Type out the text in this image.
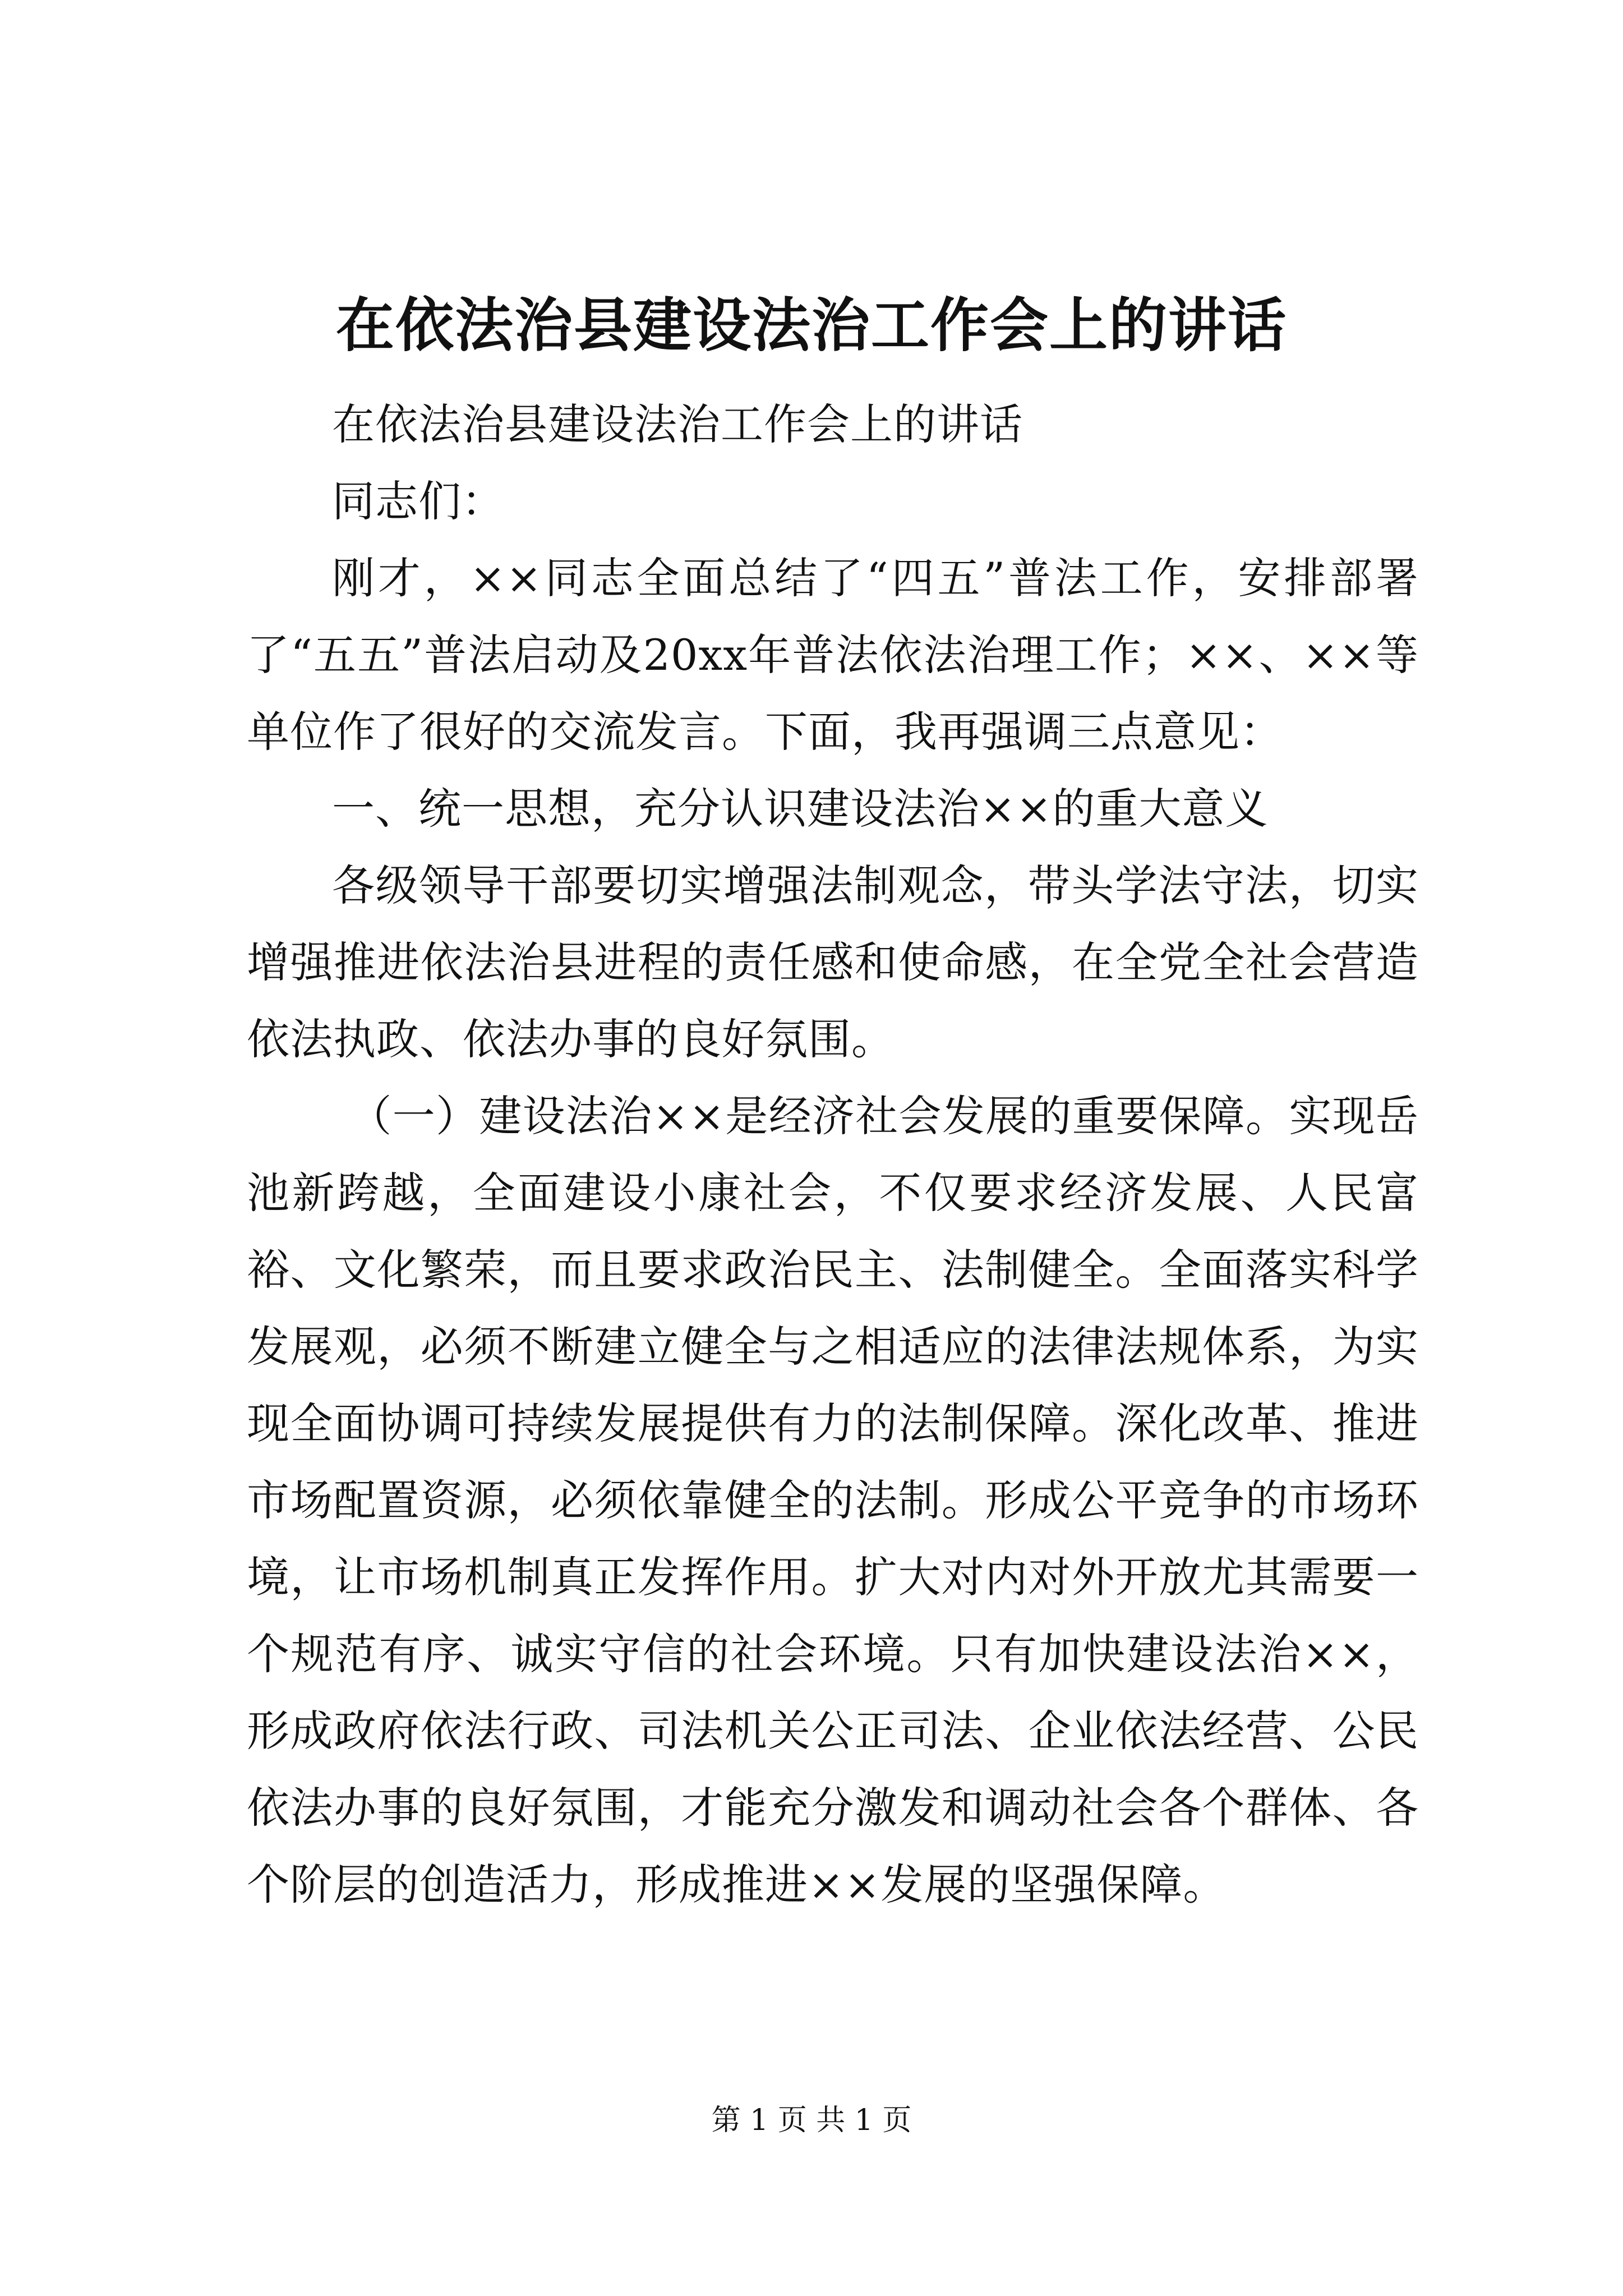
在依法治县建设法治工作会上的讲话

在依法治县建设法治工作会上的讲话

同志们：

刚才，××同志全面总结了“四五”普法工作，安排部署了“五五”普法启动及20xx年普法依法治理工作；××、××等单位作了很好的交流发言。下面，我再强调三点意见：

一、统一思想，充分认识建设法治××的重大意义

各级领导干部要切实增强法制观念，带头学法守法，切实增强推进依法治县进程的责任感和使命感，在全党全社会营造依法执政、依法办事的良好氛围。

（一）建设法治××是经济社会发展的重要保障。实现岳池新跨越，全面建设小康社会，不仅要求经济发展、人民富裕、文化繁荣，而且要求政治民主、法制健全。全面落实科学发展观，必须不断建立健全与之相适应的法律法规体系，为实现全面协调可持续发展提供有力的法制保障。深化改革、推进市场配置资源，必须依靠健全的法制。形成公平竞争的市场环境，让市场机制真正发挥作用。扩大对内对外开放尤其需要一个规范有序、诚实守信的社会环境。只有加快建设法治××，形成政府依法行政、司法机关公正司法、企业依法经营、公民依法办事的良好氛围，才能充分激发和调动社会各个群体、各个阶层的创造活力，形成推进××发展的坚强保障。

第 1 页 共 1 页
